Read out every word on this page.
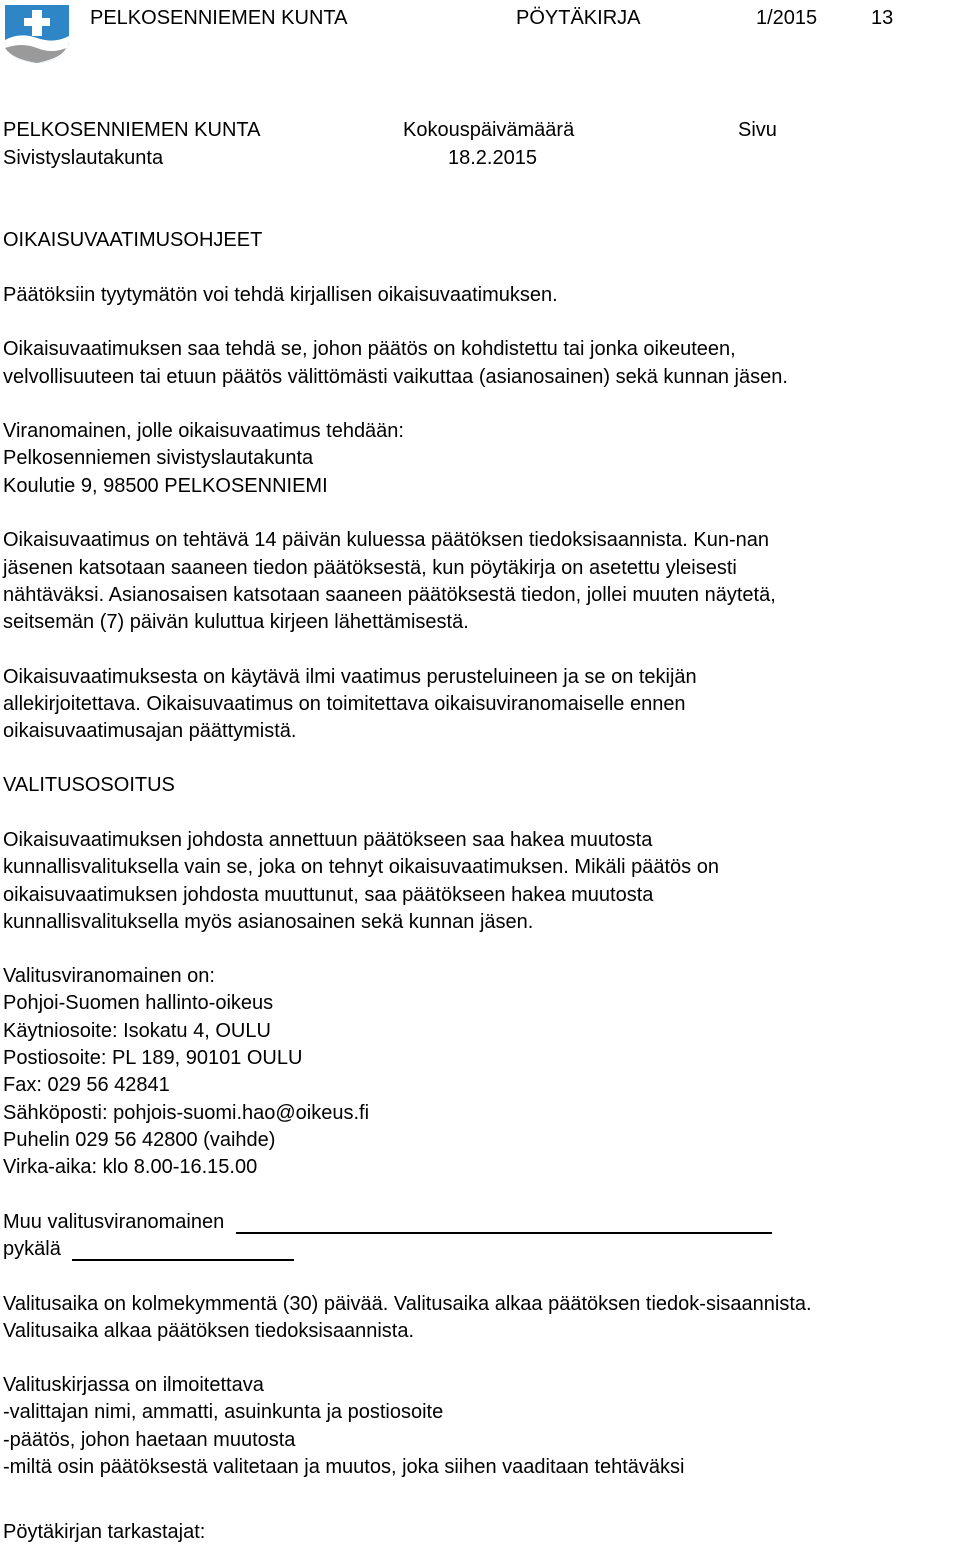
PELKOSENNIEMEN KUNTA	PÖYTÄKIRJA	1/2015	13
PELKOSENNIEMEN KUNTA	Kokouspäivämäärä	Sivu
Sivistyslautakunta	18.2.2015
OIKAISUVAATIMUSOHJEET
Päätöksiin tyytymätön voi tehdä kirjallisen oikaisuvaatimuksen.
Oikaisuvaatimuksen saa tehdä se, johon päätös on kohdistettu tai jonka oikeuteen,
velvollisuuteen tai etuun päätös välittömästi vaikuttaa (asianosainen) sekä kunnan jäsen.
Viranomainen, jolle oikaisuvaatimus tehdään:
Pelkosenniemen sivistyslautakunta
Koulutie 9, 98500 PELKOSENNIEMI
Oikaisuvaatimus on tehtävä 14 päivän kuluessa päätöksen tiedoksisaannista. Kun-nan
jäsenen katsotaan saaneen tiedon päätöksestä, kun pöytäkirja on asetettu yleisesti
nähtäväksi. Asianosaisen katsotaan saaneen päätöksestä tiedon, jollei muuten näytetä,
seitsemän (7) päivän kuluttua kirjeen lähettämisestä.
Oikaisuvaatimuksesta on käytävä ilmi vaatimus perusteluineen ja se on tekijän
allekirjoitettava. Oikaisuvaatimus on toimitettava oikaisuviranomaiselle ennen
oikaisuvaatimusajan päättymistä.
VALITUSOSOITUS
Oikaisuvaatimuksen johdosta annettuun päätökseen saa hakea muutosta
kunnallisvalituksella vain se, joka on tehnyt oikaisuvaatimuksen. Mikäli päätös on
oikaisuvaatimuksen johdosta muuttunut, saa päätökseen hakea muutosta
kunnallisvalituksella myös asianosainen sekä kunnan jäsen.
Valitusviranomainen on:
Pohjoi-Suomen hallinto-oikeus
Käytniosoite: Isokatu 4, OULU
Postiosoite: PL 189, 90101 OULU
Fax: 029 56 42841
Sähköposti: pohjois-suomi.hao@oikeus.fi
Puhelin 029 56 42800 (vaihde)
Virka-aika: klo 8.00-16.15.00
Muu valitusviranomainen
pykälä
Valitusaika on kolmekymmentä (30) päivää. Valitusaika alkaa päätöksen tiedok-sisaannista.
Valitusaika alkaa päätöksen tiedoksisaannista.
Valituskirjassa on ilmoitettava
-valittajan nimi, ammatti, asuinkunta ja postiosoite
-päätös, johon haetaan muutosta
-miltä osin päätöksestä valitetaan ja muutos, joka siihen vaaditaan tehtäväksi
Pöytäkirjan tarkastajat:
